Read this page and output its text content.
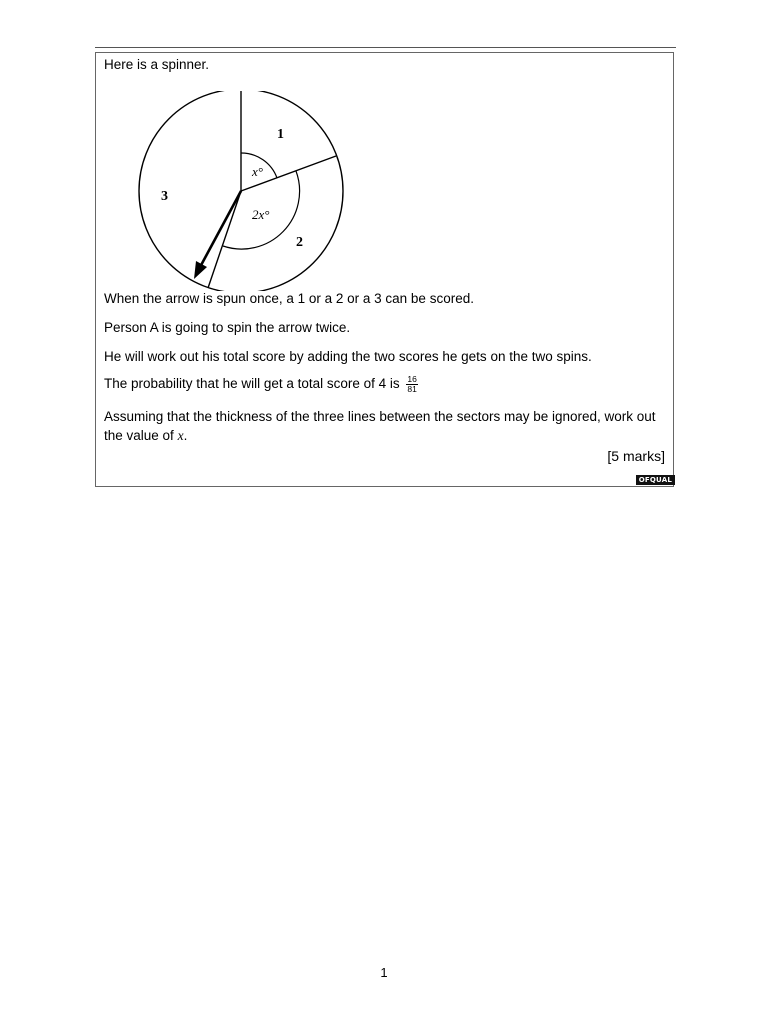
Here is a spinner.
1
2
3
x°
2x°
When the arrow is spun once, a 1 or a 2 or a 3 can be scored.
Person A is going to spin the arrow twice.
He will work out his total score by adding the two scores he gets on the two spins.
The probability that he will get a total score of 4 is $\frac{16}{81}$
Assuming that the thickness of the three lines between the sectors may be ignored, work out
the value of x.
[5 marks]
OFQUAL
1
